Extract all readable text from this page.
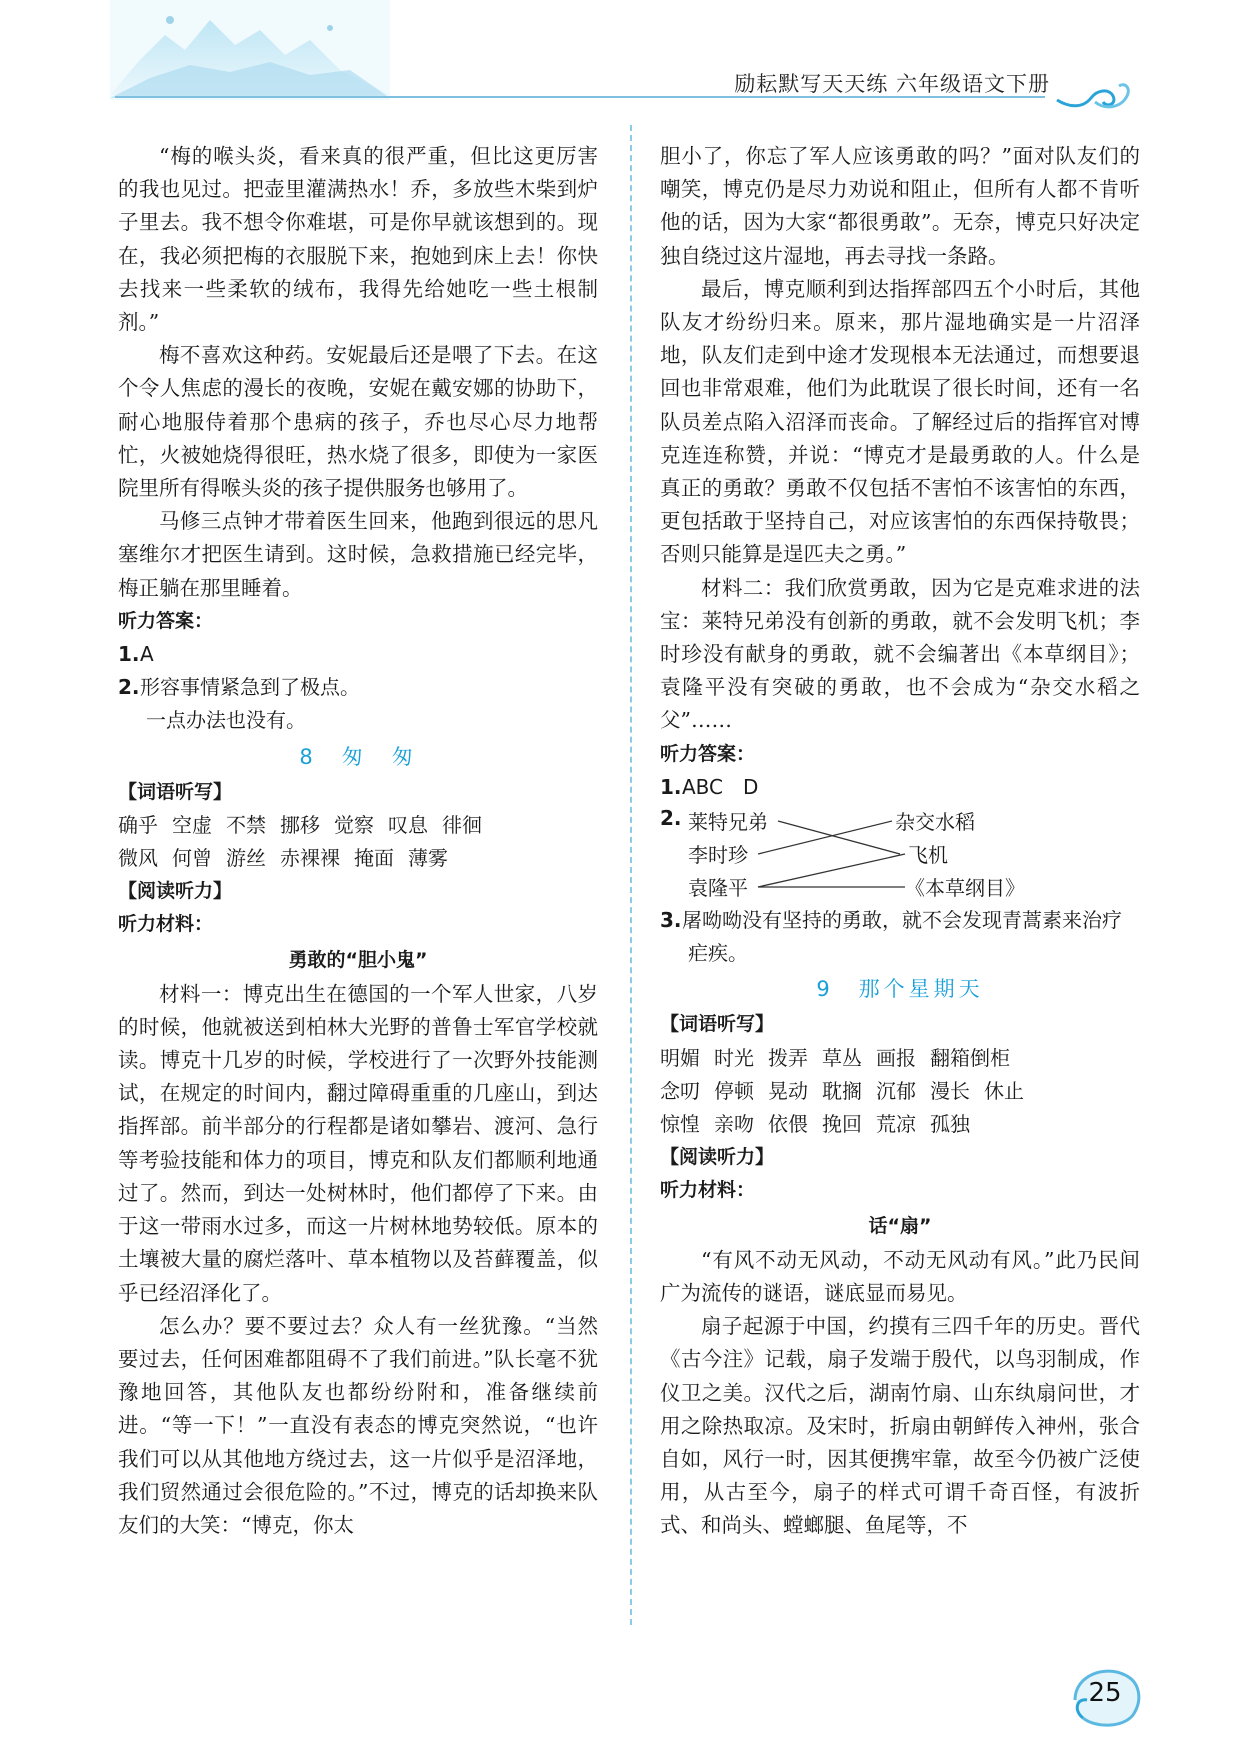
励耘默写天天练 六年级语文下册

“梅的喉头炎，看来真的很严重，但比这更厉害的我也见过。把壶里灌满热水！乔，多放些木柴到炉子里去。我不想令你难堪，可是你早就该想到的。现在，我必须把梅的衣服脱下来，抱她到床上去！你快去找来一些柔软的绒布，我得先给她吃一些土根制剂。”

梅不喜欢这种药。安妮最后还是喂了下去。在这个令人焦虑的漫长的夜晚，安妮在戴安娜的协助下，耐心地服侍着那个患病的孩子，乔也尽心尽力地帮忙，火被她烧得很旺，热水烧了很多，即使为一家医院里所有得喉头炎的孩子提供服务也够用了。

马修三点钟才带着医生回来，他跑到很远的思凡塞维尔才把医生请到。这时候，急救措施已经完毕，梅正躺在那里睡着。

听力答案：
1.A
2.形容事情紧急到了极点。
一点办法也没有。
8　匆　匆
【词语听写】
确乎 空虚 不禁 挪移 觉察 叹息 徘徊
微风 何曾 游丝 赤裸裸 掩面 薄雾
【阅读听力】
听力材料：
勇敢的“胆小鬼”

材料一：博克出生在德国的一个军人世家，八岁的时候，他就被送到柏林大光野的普鲁士军官学校就读。博克十几岁的时候，学校进行了一次野外技能测试，在规定的时间内，翻过障碍重重的几座山，到达指挥部。前半部分的行程都是诸如攀岩、渡河、急行等考验技能和体力的项目，博克和队友们都顺利地通过了。然而，到达一处树林时，他们都停了下来。由于这一带雨水过多，而这一片树林地势较低。原本的土壤被大量的腐烂落叶、草本植物以及苔藓覆盖，似乎已经沼泽化了。

怎么办？要不要过去？众人有一丝犹豫。“当然要过去，任何困难都阻碍不了我们前进。”队长毫不犹豫地回答，其他队友也都纷纷附和，准备继续前进。“等一下！”一直没有表态的博克突然说，“也许我们可以从其他地方绕过去，这一片似乎是沼泽地，我们贸然通过会很危险的。”不过，博克的话却换来队友们的大笑：“博克，你太

胆小了，你忘了军人应该勇敢的吗？”面对队友们的嘲笑，博克仍是尽力劝说和阻止，但所有人都不肯听他的话，因为大家“都很勇敢”。无奈，博克只好决定独自绕过这片湿地，再去寻找一条路。

最后，博克顺利到达指挥部四五个小时后，其他队友才纷纷归来。原来，那片湿地确实是一片沼泽地，队友们走到中途才发现根本无法通过，而想要退回也非常艰难，他们为此耽误了很长时间，还有一名队员差点陷入沼泽而丧命。了解经过后的指挥官对博克连连称赞，并说：“博克才是最勇敢的人。什么是真正的勇敢？勇敢不仅包括不害怕不该害怕的东西，更包括敢于坚持自己，对应该害怕的东西保持敬畏；否则只能算是逞匹夫之勇。”

材料二：我们欣赏勇敢，因为它是克难求进的法宝：莱特兄弟没有创新的勇敢，就不会发明飞机；李时珍没有献身的勇敢，就不会编著出《本草纲目》；袁隆平没有突破的勇敢，也不会成为“杂交水稻之父”……

听力答案：
1.ABC　D
2. 莱特兄弟
李时珍
袁隆平
杂交水稻
飞机
《本草纲目》
3.屠呦呦没有坚持的勇敢，就不会发现青蒿素来治疗疟疾。
9　那个星期天
【词语听写】
明媚 时光 拨弄 草丛 画报 翻箱倒柜
念叨 停顿 晃动 耽搁 沉郁 漫长 休止
惊惶 亲吻 依偎 挽回 荒凉 孤独
【阅读听力】
听力材料：
话“扇”

“有风不动无风动，不动无风动有风。”此乃民间广为流传的谜语，谜底显而易见。

扇子起源于中国，约摸有三四千年的历史。晋代《古今注》记载，扇子发端于殷代，以鸟羽制成，作仪卫之美。汉代之后，湖南竹扇、山东纨扇问世，才用之除热取凉。及宋时，折扇由朝鲜传入神州，张合自如，风行一时，因其便携牢靠，故至今仍被广泛使用，从古至今，扇子的样式可谓千奇百怪，有波折式、和尚头、螳螂腿、鱼尾等，不

25
